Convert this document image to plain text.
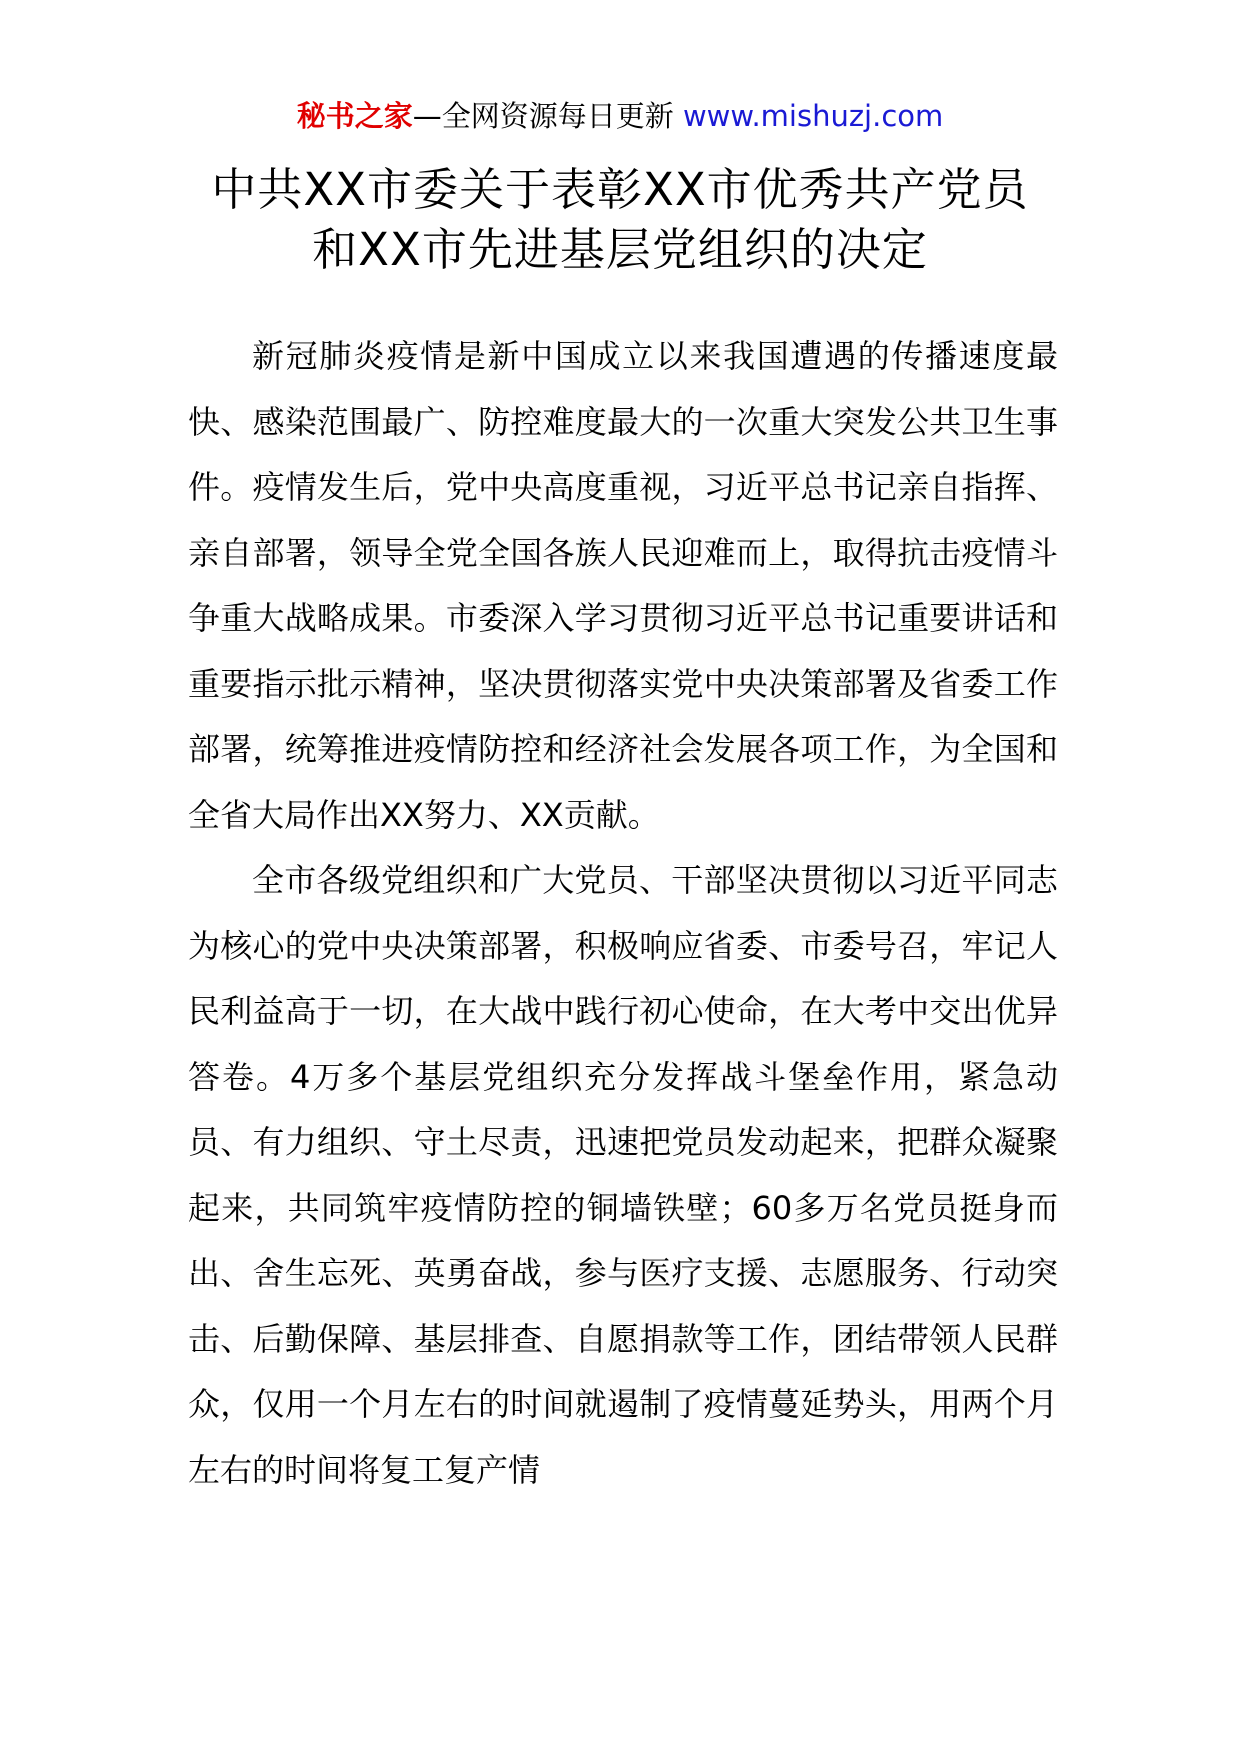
秘书之家—全网资源每日更新 www.mishuzj.com
中共XX市委关于表彰XX市优秀共产党员
和XX市先进基层党组织的决定

新冠肺炎疫情是新中国成立以来我国遭遇的传播速度最快、感染范围最广、防控难度最大的一次重大突发公共卫生事件。疫情发生后，党中央高度重视，习近平总书记亲自指挥、亲自部署，领导全党全国各族人民迎难而上，取得抗击疫情斗争重大战略成果。市委深入学习贯彻习近平总书记重要讲话和重要指示批示精神，坚决贯彻落实党中央决策部署及省委工作部署，统筹推进疫情防控和经济社会发展各项工作，为全国和全省大局作出XX努力、XX贡献。

全市各级党组织和广大党员、干部坚决贯彻以习近平同志为核心的党中央决策部署，积极响应省委、市委号召，牢记人民利益高于一切，在大战中践行初心使命，在大考中交出优异答卷。4万多个基层党组织充分发挥战斗堡垒作用，紧急动员、有力组织、守土尽责，迅速把党员发动起来，把群众凝聚起来，共同筑牢疫情防控的铜墙铁壁；60多万名党员挺身而出、舍生忘死、英勇奋战，参与医疗支援、志愿服务、行动突击、后勤保障、基层排查、自愿捐款等工作，团结带领人民群众，仅用一个月左右的时间就遏制了疫情蔓延势头，用两个月左右的时间将复工复产情
